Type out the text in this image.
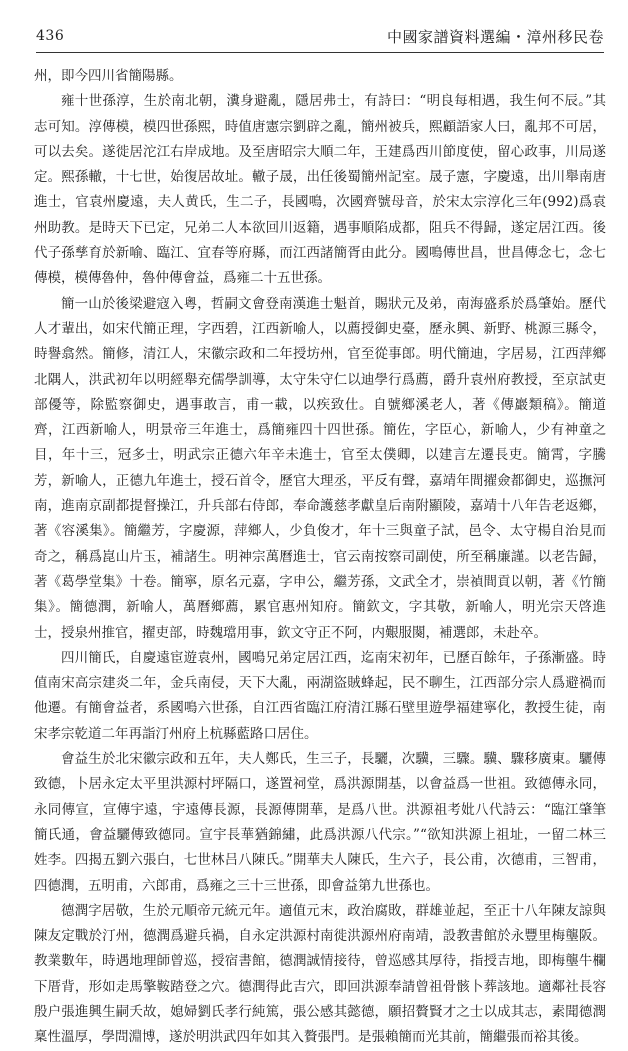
436	中國家譜資料選編・漳州移民卷

州，即今四川省簡陽縣。

雍十世孫淳，生於南北朝，瀵身避亂，隱居弗士，有詩曰：“明良每相遇，我生何不辰。”其志可知。淳傳模，模四世孫熙，時值唐憲宗劉辟之亂，簡州被兵，熙顧語家人曰，亂邦不可居，可以去矣。遂徙居沱江右岸成地。及至唐昭宗大順二年，王建爲西川節度使，留心政事，川局遂定。熙孫轍，十七世，始復居故址。轍子晟，出任後蜀簡州記室。晟子憲，字慶遠，出川舉南唐進士，官袁州慶遠，夫人黄氏，生二子，長國鳴，次國齊號母音，於宋太宗淳化三年(992)爲袁州助教。是時天下已定，兄弟二人本欲回川返籍，遇事順陷成都，阻兵不得歸，遂定居江西。後代子孫孳育於新喻、臨江、宜春等府縣，而江西諸簡胥由此分。國鳴傳世昌，世昌傳念七，念七傳模，模傳魯仲，魯仲傳會益，爲雍二十五世孫。

簡一山於後梁避寇入粵，哲嗣文會登南漢進士魁首，賜狀元及弟，南海盛系於爲肇始。歷代人才輩出，如宋代簡正理，字西碧，江西新喻人，以薦授御史臺，歷永興、新野、桃源三縣令，時譽翕然。簡修，清江人，宋徽宗政和二年授坊州，官至從事郎。明代簡迪，字居易，江西萍鄉北隅人，洪武初年以明經舉充儒學訓導，太守朱守仁以迪學行爲薦，爵升袁州府教授，至京試吏部優等，除監察御史，遇事敢言，甫一載，以疾致仕。自號鄉溪老人，著《傳巖類稿》。簡道齊，江西新喻人，明景帝三年進士，爲簡雍四十四世孫。簡佐，字臣心，新喻人，少有神童之目，年十三，冠多士，明武宗正德六年辛未進士，官至太僕卿，以建言左遷長吏。簡霄，字騰芳，新喻人，正德九年進士，授石首令，歷官大理丞，平反有聲，嘉靖年間擢僉都御史，巡撫河南，進南京副都提督操江，升兵部右侍郎，奉命護慈孝獻皇后南附顯陵，嘉靖十八年告老返鄉，著《容溪集》。簡繼芳，字慶源，萍鄉人，少負俊才，年十三與童子試，邑令、太守楊自治見而奇之，稱爲崑山片玉，補諸生。明神宗萬曆進士，官云南按察司副使，所至稱廉謹。以老告歸，著《葛學堂集》十卷。簡寧，原名元嘉，字申公，繼芳孫，文武全才，崇禎間貢以朝，著《竹簡集》。簡德潤，新喻人，萬曆鄉薦，累官惠州知府。簡欽文，字其敬，新喻人，明光宗天啓進士，授泉州推官，擢吏部，時魏璫用事，欽文守正不阿，内艱服闋，補選郎，未赴卒。

四川簡氏，自慶遠宦遊袁州，國鳴兄弟定居江西，迄南宋初年，已歷百餘年，子孫漸盛。時值南宋高宗建炎二年，金兵南侵，天下大亂，兩湖盜賊蜂起，民不聊生，江西部分宗人爲避禍而他遷。有簡會益者，系國鳴六世孫，自江西省臨江府清江縣石壁里遊學福建寧化，教授生徒，南宋孝宗乾道二年再詣汀州府上杭縣藍路口居住。

會益生於北宋徽宗政和五年，夫人鄭氏，生三子，長驪，次驥，三驟。驥、驟移廣東。驪傳致德，卜居永定太平里洪源村坪隔口，遂置祠堂，爲洪源開基，以會益爲一世祖。致德傳永同，永同傳宣，宣傳宇遠，宇遠傳長源，長源傳開華，是爲八世。洪源祖考妣八代詩云：“臨江肇筆簡氏通，會益驪傳致德同。宣宇長華猶錦繡，此爲洪源八代宗。”“欲知洪源上祖址，一留二林三姓李。四揭五劉六張白，七世林吕八陳氏。”開華夫人陳氏，生六子，長公甫，次德甫，三智甫，四德潤，五明甫，六郎甫，爲雍之三十三世孫，即會益第九世孫也。

德潤字居敬，生於元順帝元統元年。適值元末，政治腐敗，群雄並起，至正十八年陳友諒與陳友定戰於汀州，德潤爲避兵禍，自永定洪源村南徙洪源州府南靖，設教書館於永豐里梅壟阪。教業數年，時遇地理師曾巡，授宿書館，德潤誠情接待，曾巡感其厚待，指授吉地，即梅壟牛欄下厝背，形如走馬擎鞍踏登之穴。德潤得此吉穴，即回洪源奉請曾祖骨骸卜葬該地。適鄰社長容殷户張進興生嗣夭故，媳婦劉氏孝行純篤，張公感其懿德，願招贅賢才之士以成其志，素聞德潤稟性溫厚，學問淵博，遂於明洪武四年如其入贅張門。是張賴簡而光其前，簡繼張而裕其後。
